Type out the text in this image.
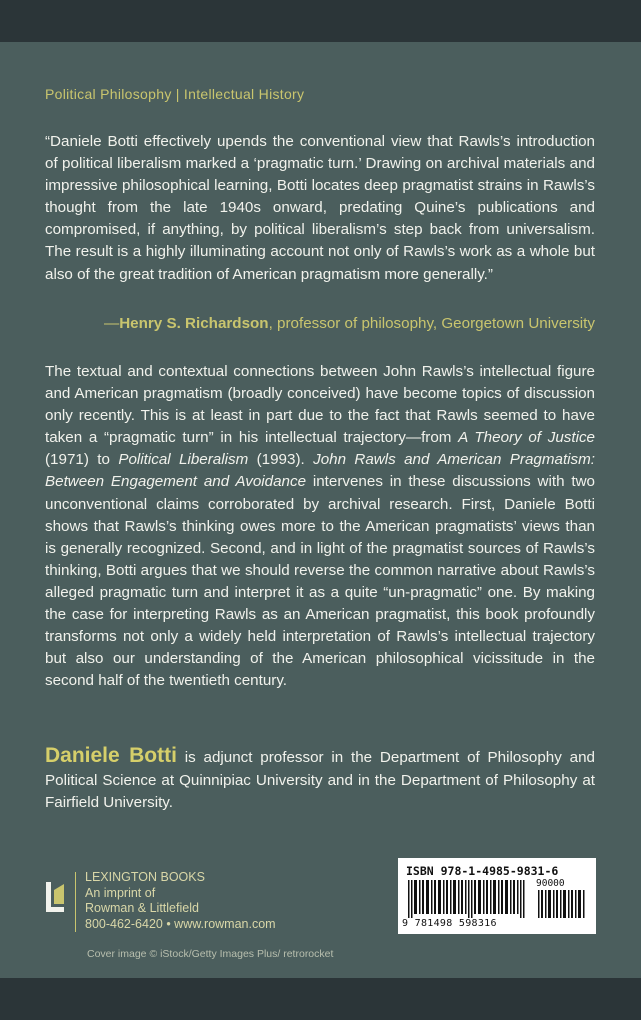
Political Philosophy | Intellectual History
“Daniele Botti effectively upends the conventional view that Rawls’s introduction of political liberalism marked a ‘pragmatic turn.’ Drawing on archival materials and impressive philosophical learning, Botti locates deep pragmatist strains in Rawls’s thought from the late 1940s onward, predating Quine’s publications and compromised, if anything, by political liberalism’s step back from universalism. The result is a highly illuminating account not only of Rawls’s work as a whole but also of the great tradition of American pragmatism more generally.”
—Henry S. Richardson, professor of philosophy, Georgetown University
The textual and contextual connections between John Rawls’s intellectual figure and American pragmatism (broadly conceived) have become topics of discussion only recently. This is at least in part due to the fact that Rawls seemed to have taken a “pragmatic turn” in his intellectual trajectory—from A Theory of Justice (1971) to Political Liberalism (1993). John Rawls and American Pragmatism: Between Engagement and Avoidance intervenes in these discussions with two unconventional claims corroborated by archival research. First, Daniele Botti shows that Rawls’s thinking owes more to the American pragmatists’ views than is generally recognized. Second, and in light of the pragmatist sources of Rawls’s thinking, Botti argues that we should reverse the common narrative about Rawls’s alleged pragmatic turn and interpret it as a quite “un-pragmatic” one. By making the case for interpreting Rawls as an American pragmatist, this book profoundly transforms not only a widely held interpretation of Rawls’s intellectual trajectory but also our understanding of the American philosophical vicissitude in the second half of the twentieth century.
Daniele Botti is adjunct professor in the Department of Philosophy and Political Science at Quinnipiac University and in the Department of Philosophy at Fairfield University.
LEXINGTON BOOKS
An imprint of
Rowman & Littlefield
800-462-6420 • www.rowman.com
ISBN 978-1-4985-9831-6
90000
9 781498 598316
Cover image © iStock/Getty Images Plus/ retrorocket
